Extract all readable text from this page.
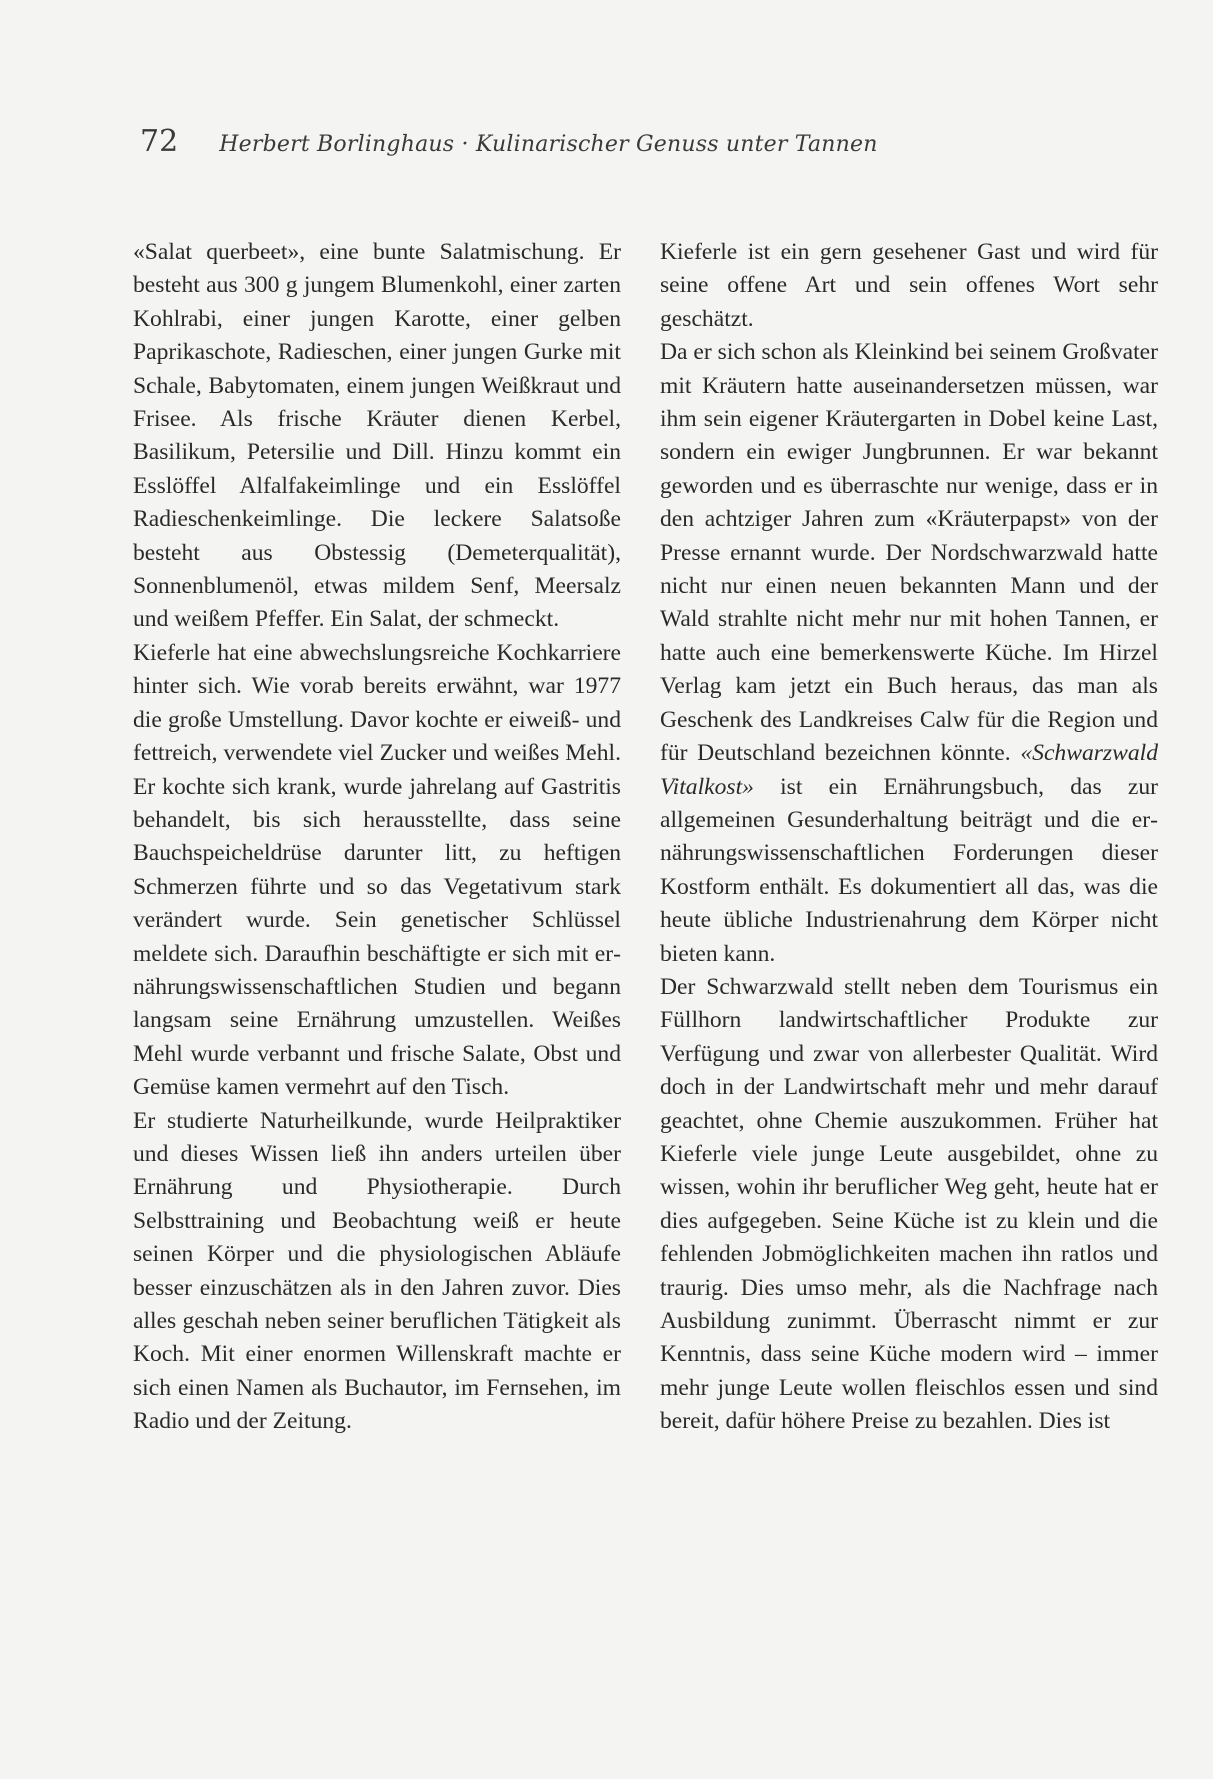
72 Herbert Borlinghaus · Kulinarischer Genuss unter Tannen

«Salat querbeet», eine bunte Salatmischung. Er besteht aus 300 g jungem Blumenkohl, einer zarten Kohlrabi, einer jungen Karotte, einer gelben Paprikaschote, Radieschen, einer jungen Gurke mit Schale, Babytomaten, einem jungen Weißkraut und Frisee. Als frische Kräuter dienen Kerbel, Basilikum, Petersilie und Dill. Hinzu kommt ein Esslöffel Alfalfakeimlinge und ein Esslöffel Radieschenkeimlinge. Die leckere Salatsoße besteht aus Obstessig (Demeterqualität), Sonnenblumenöl, etwas mildem Senf, Meersalz und weißem Pfeffer. Ein Salat, der schmeckt.

Kieferle hat eine abwechslungsreiche Kochkarriere hinter sich. Wie vorab bereits erwähnt, war 1977 die große Umstellung. Davor kochte er eiweiß- und fettreich, verwendete viel Zucker und weißes Mehl. Er kochte sich krank, wurde jahrelang auf Gastritis behandelt, bis sich herausstellte, dass seine Bauchspeicheldrüse darunter litt, zu heftigen Schmerzen führte und so das Vegetativum stark verändert wurde. Sein genetischer Schlüssel meldete sich. Daraufhin beschäftigte er sich mit ernährungswissenschaftlichen Studien und begann langsam seine Ernährung umzustellen. Weißes Mehl wurde verbannt und frische Salate, Obst und Gemüse kamen vermehrt auf den Tisch.

Er studierte Naturheilkunde, wurde Heilpraktiker und dieses Wissen ließ ihn anders urteilen über Ernährung und Physiotherapie. Durch Selbsttraining und Beobachtung weiß er heute seinen Körper und die physiologischen Abläufe besser einzuschätzen als in den Jahren zuvor. Dies alles geschah neben seiner beruflichen Tätigkeit als Koch. Mit einer enormen Willenskraft machte er sich einen Namen als Buchautor, im Fernsehen, im Radio und der Zeitung.

Kieferle ist ein gern gesehener Gast und wird für seine offene Art und sein offenes Wort sehr geschätzt.

Da er sich schon als Kleinkind bei seinem Großvater mit Kräutern hatte auseinandersetzen müssen, war ihm sein eigener Kräutergarten in Dobel keine Last, sondern ein ewiger Jungbrunnen. Er war bekannt geworden und es überraschte nur wenige, dass er in den achtziger Jahren zum «Kräuterpapst» von der Presse ernannt wurde. Der Nordschwarzwald hatte nicht nur einen neuen bekannten Mann und der Wald strahlte nicht mehr nur mit hohen Tannen, er hatte auch eine bemerkenswerte Küche. Im Hirzel Verlag kam jetzt ein Buch heraus, das man als Geschenk des Landkreises Calw für die Region und für Deutschland bezeichnen könnte. «Schwarzwald Vitalkost» ist ein Ernährungsbuch, das zur allgemeinen Gesunderhaltung beiträgt und die ernährungswissenschaftlichen Forderungen dieser Kostform enthält. Es dokumentiert all das, was die heute übliche Industrienahrung dem Körper nicht bieten kann.

Der Schwarzwald stellt neben dem Tourismus ein Füllhorn landwirtschaftlicher Produkte zur Verfügung und zwar von allerbester Qualität. Wird doch in der Landwirtschaft mehr und mehr darauf geachtet, ohne Chemie auszukommen. Früher hat Kieferle viele junge Leute ausgebildet, ohne zu wissen, wohin ihr beruflicher Weg geht, heute hat er dies aufgegeben. Seine Küche ist zu klein und die fehlenden Jobmöglichkeiten machen ihn ratlos und traurig. Dies umso mehr, als die Nachfrage nach Ausbildung zunimmt. Überrascht nimmt er zur Kenntnis, dass seine Küche modern wird – immer mehr junge Leute wollen fleischlos essen und sind bereit, dafür höhere Preise zu bezahlen. Dies ist
